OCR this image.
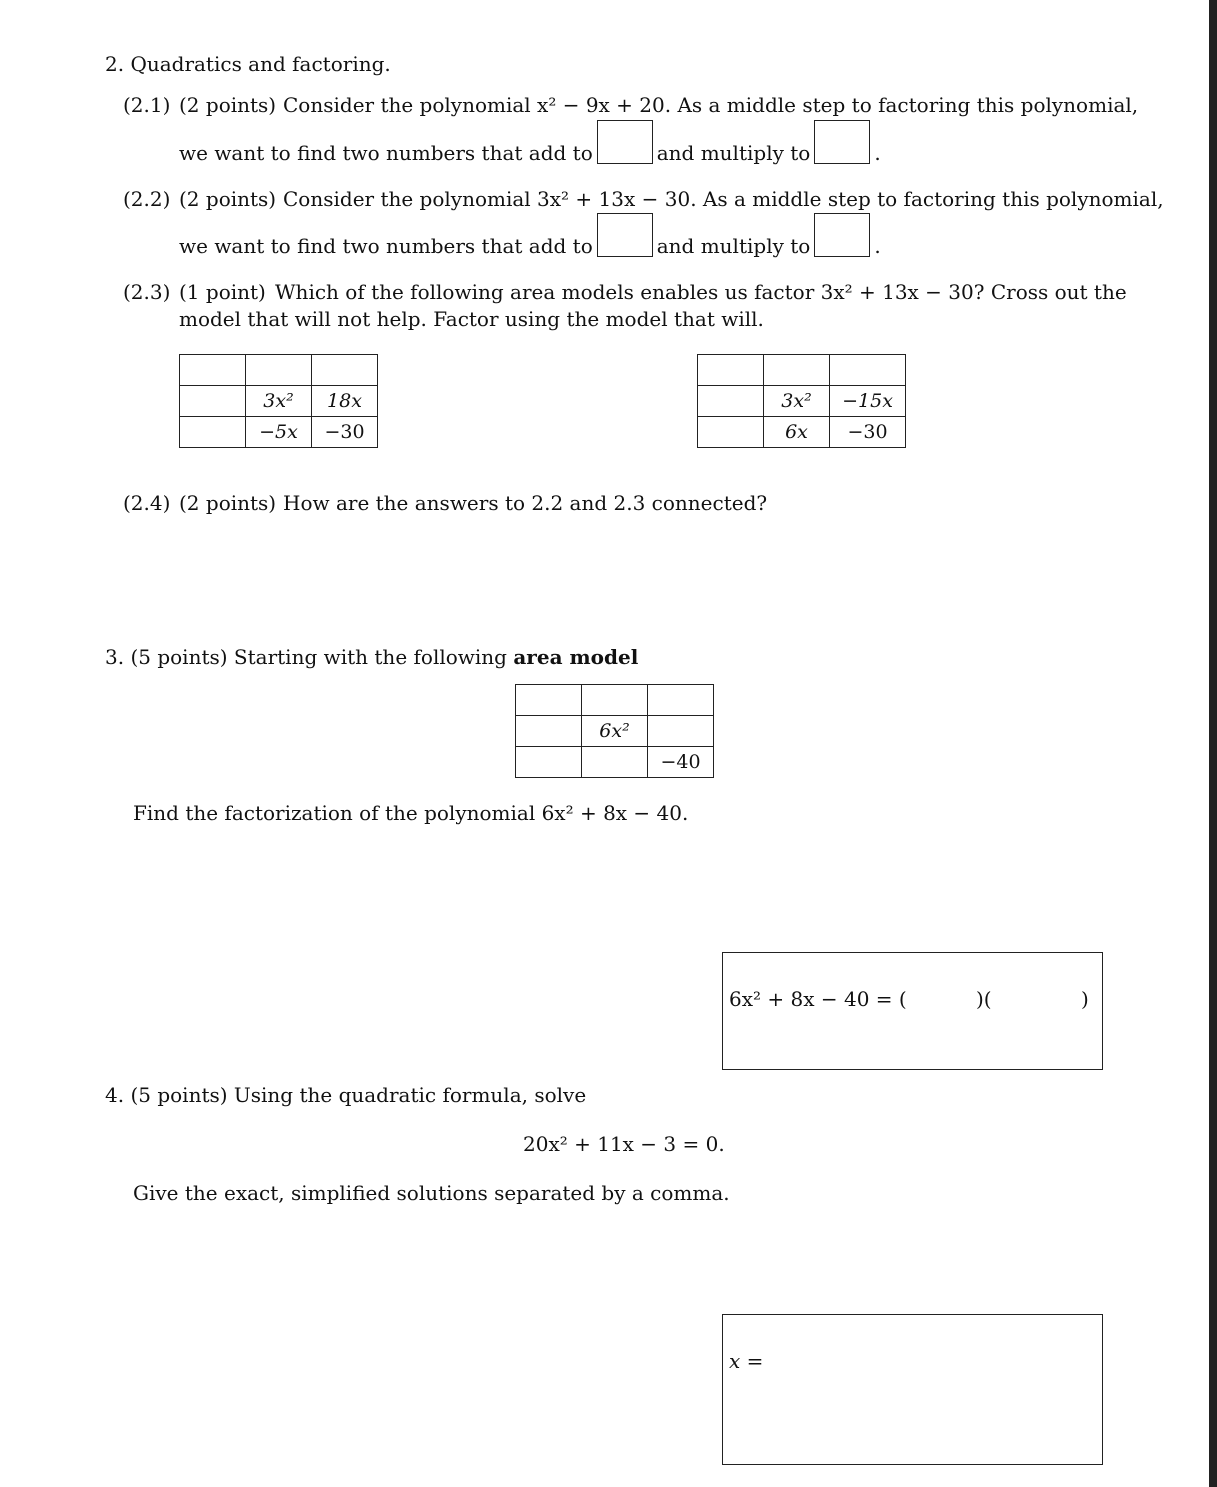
2. Quadratics and factoring.
(2.1) (2 points) Consider the polynomial x² − 9x + 20. As a middle step to factoring this polynomial,
we want to find two numbers that add to	and multiply to	.
(2.2) (2 points) Consider the polynomial 3x² + 13x − 30. As a middle step to factoring this polynomial,
we want to find two numbers that add to	and multiply to	.
(2.3) (1 point) Which of the following area models enables us factor 3x² + 13x − 30? Cross out the
model that will not help. Factor using the model that will.

	3x²	18x
	−5x	−30

	3x²	−15x
	6x	−30
(2.4) (2 points) How are the answers to 2.2 and 2.3 connected?
3. (5 points) Starting with the following area model

	6x²	
		−40
Find the factorization of the polynomial 6x² + 8x − 40.
6x² + 8x − 40 = (	)(	)
4. (5 points) Using the quadratic formula, solve
20x² + 11x − 3 = 0.
Give the exact, simplified solutions separated by a comma.
x =
